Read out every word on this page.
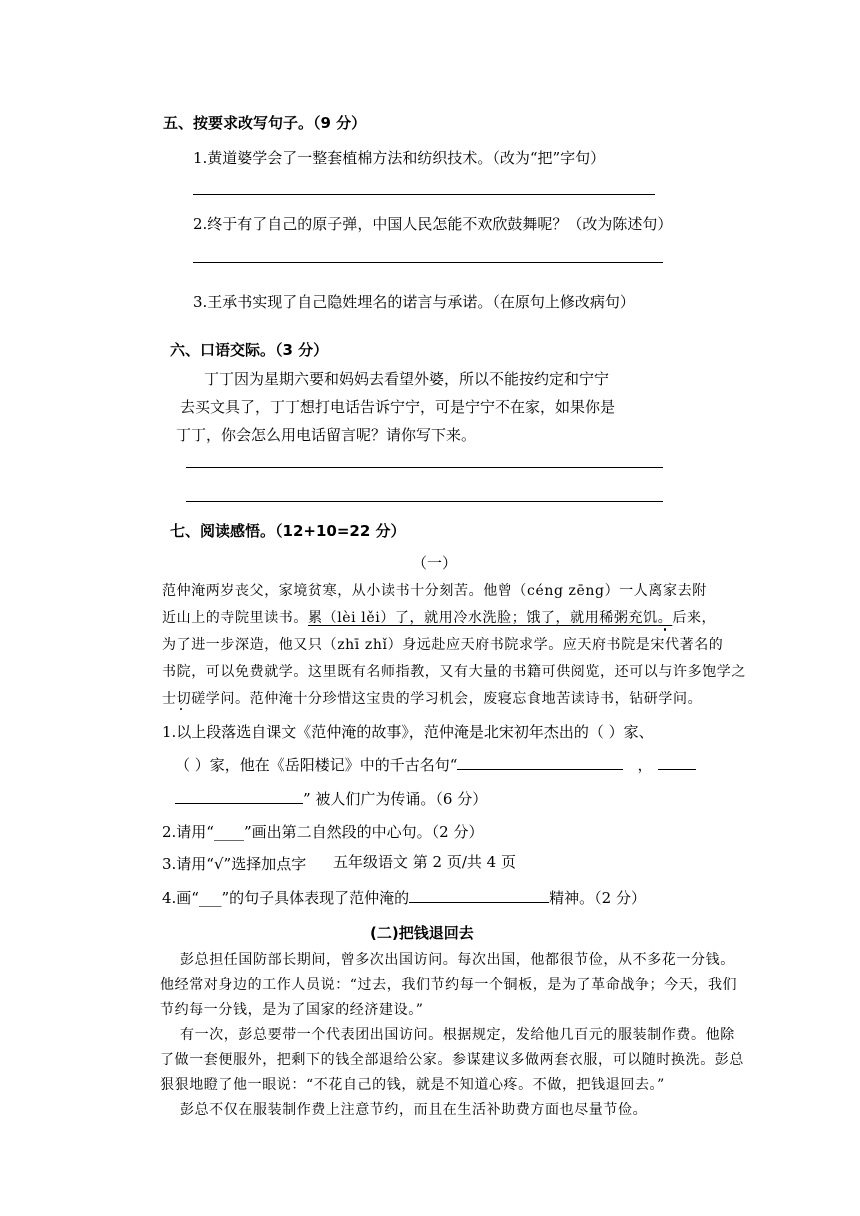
五、按要求改写句子。（9 分）
1.黄道婆学会了一整套植棉方法和纺织技术。（改为“把”字句）
2.终于有了自己的原子弹，中国人民怎能不欢欣鼓舞呢？（改为陈述句）
3.王承书实现了自己隐姓埋名的诺言与承诺。（在原句上修改病句）
六、口语交际。（3 分）
丁丁因为星期六要和妈妈去看望外婆，所以不能按约定和宁宁
去买文具了，丁丁想打电话告诉宁宁，可是宁宁不在家，如果你是
丁丁，你会怎么用电话留言呢？请你写下来。
七、阅读感悟。（12+10=22 分）
（一）
范仲淹两岁丧父，家境贫寒，从小读书十分刻苦。他曾（céng zēng）一人离家去附
近山上的寺院里读书。累（lèi lěi）了，就用冷水洗脸；饿了，就用稀粥充饥。后来，
为了进一步深造，他又只（zhī zhǐ）身远赴应天府书院求学。应天府书院是宋代著名的
书院，可以免费就学。这里既有名师指教，又有大量的书籍可供阅览，还可以与许多饱学之
士切磋学问。范仲淹十分珍惜这宝贵的学习机会，废寝忘食地苦读诗书，钻研学问。
1.以上段落选自课文《范仲淹的故事》，范仲淹是北宋初年杰出的（ ）家、
（ ）家，他在《岳阳楼记》中的千古名句“	，
” 被人们广为传诵。（6 分）
2.请用“____”画出第二自然段的中心句。（2 分）
3.请用“√”选择加点字 五年级语文 第 2 页/共 4 页
4.画“___”的句子具体表现了范仲淹的	精神。（2 分）
(二)把钱退回去
彭总担任国防部长期间，曾多次出国访问。每次出国，他都很节俭，从不多花一分钱。
他经常对身边的工作人员说：“过去，我们节约每一个铜板，是为了革命战争；今天，我们
节约每一分钱，是为了国家的经济建设。”
有一次，彭总要带一个代表团出国访问。根据规定，发给他几百元的服装制作费。他除
了做一套便服外，把剩下的钱全部退给公家。参谋建议多做两套衣服，可以随时换洗。彭总
狠狠地瞪了他一眼说：“不花自己的钱，就是不知道心疼。不做，把钱退回去。”
彭总不仅在服装制作费上注意节约，而且在生活补助费方面也尽量节俭。
